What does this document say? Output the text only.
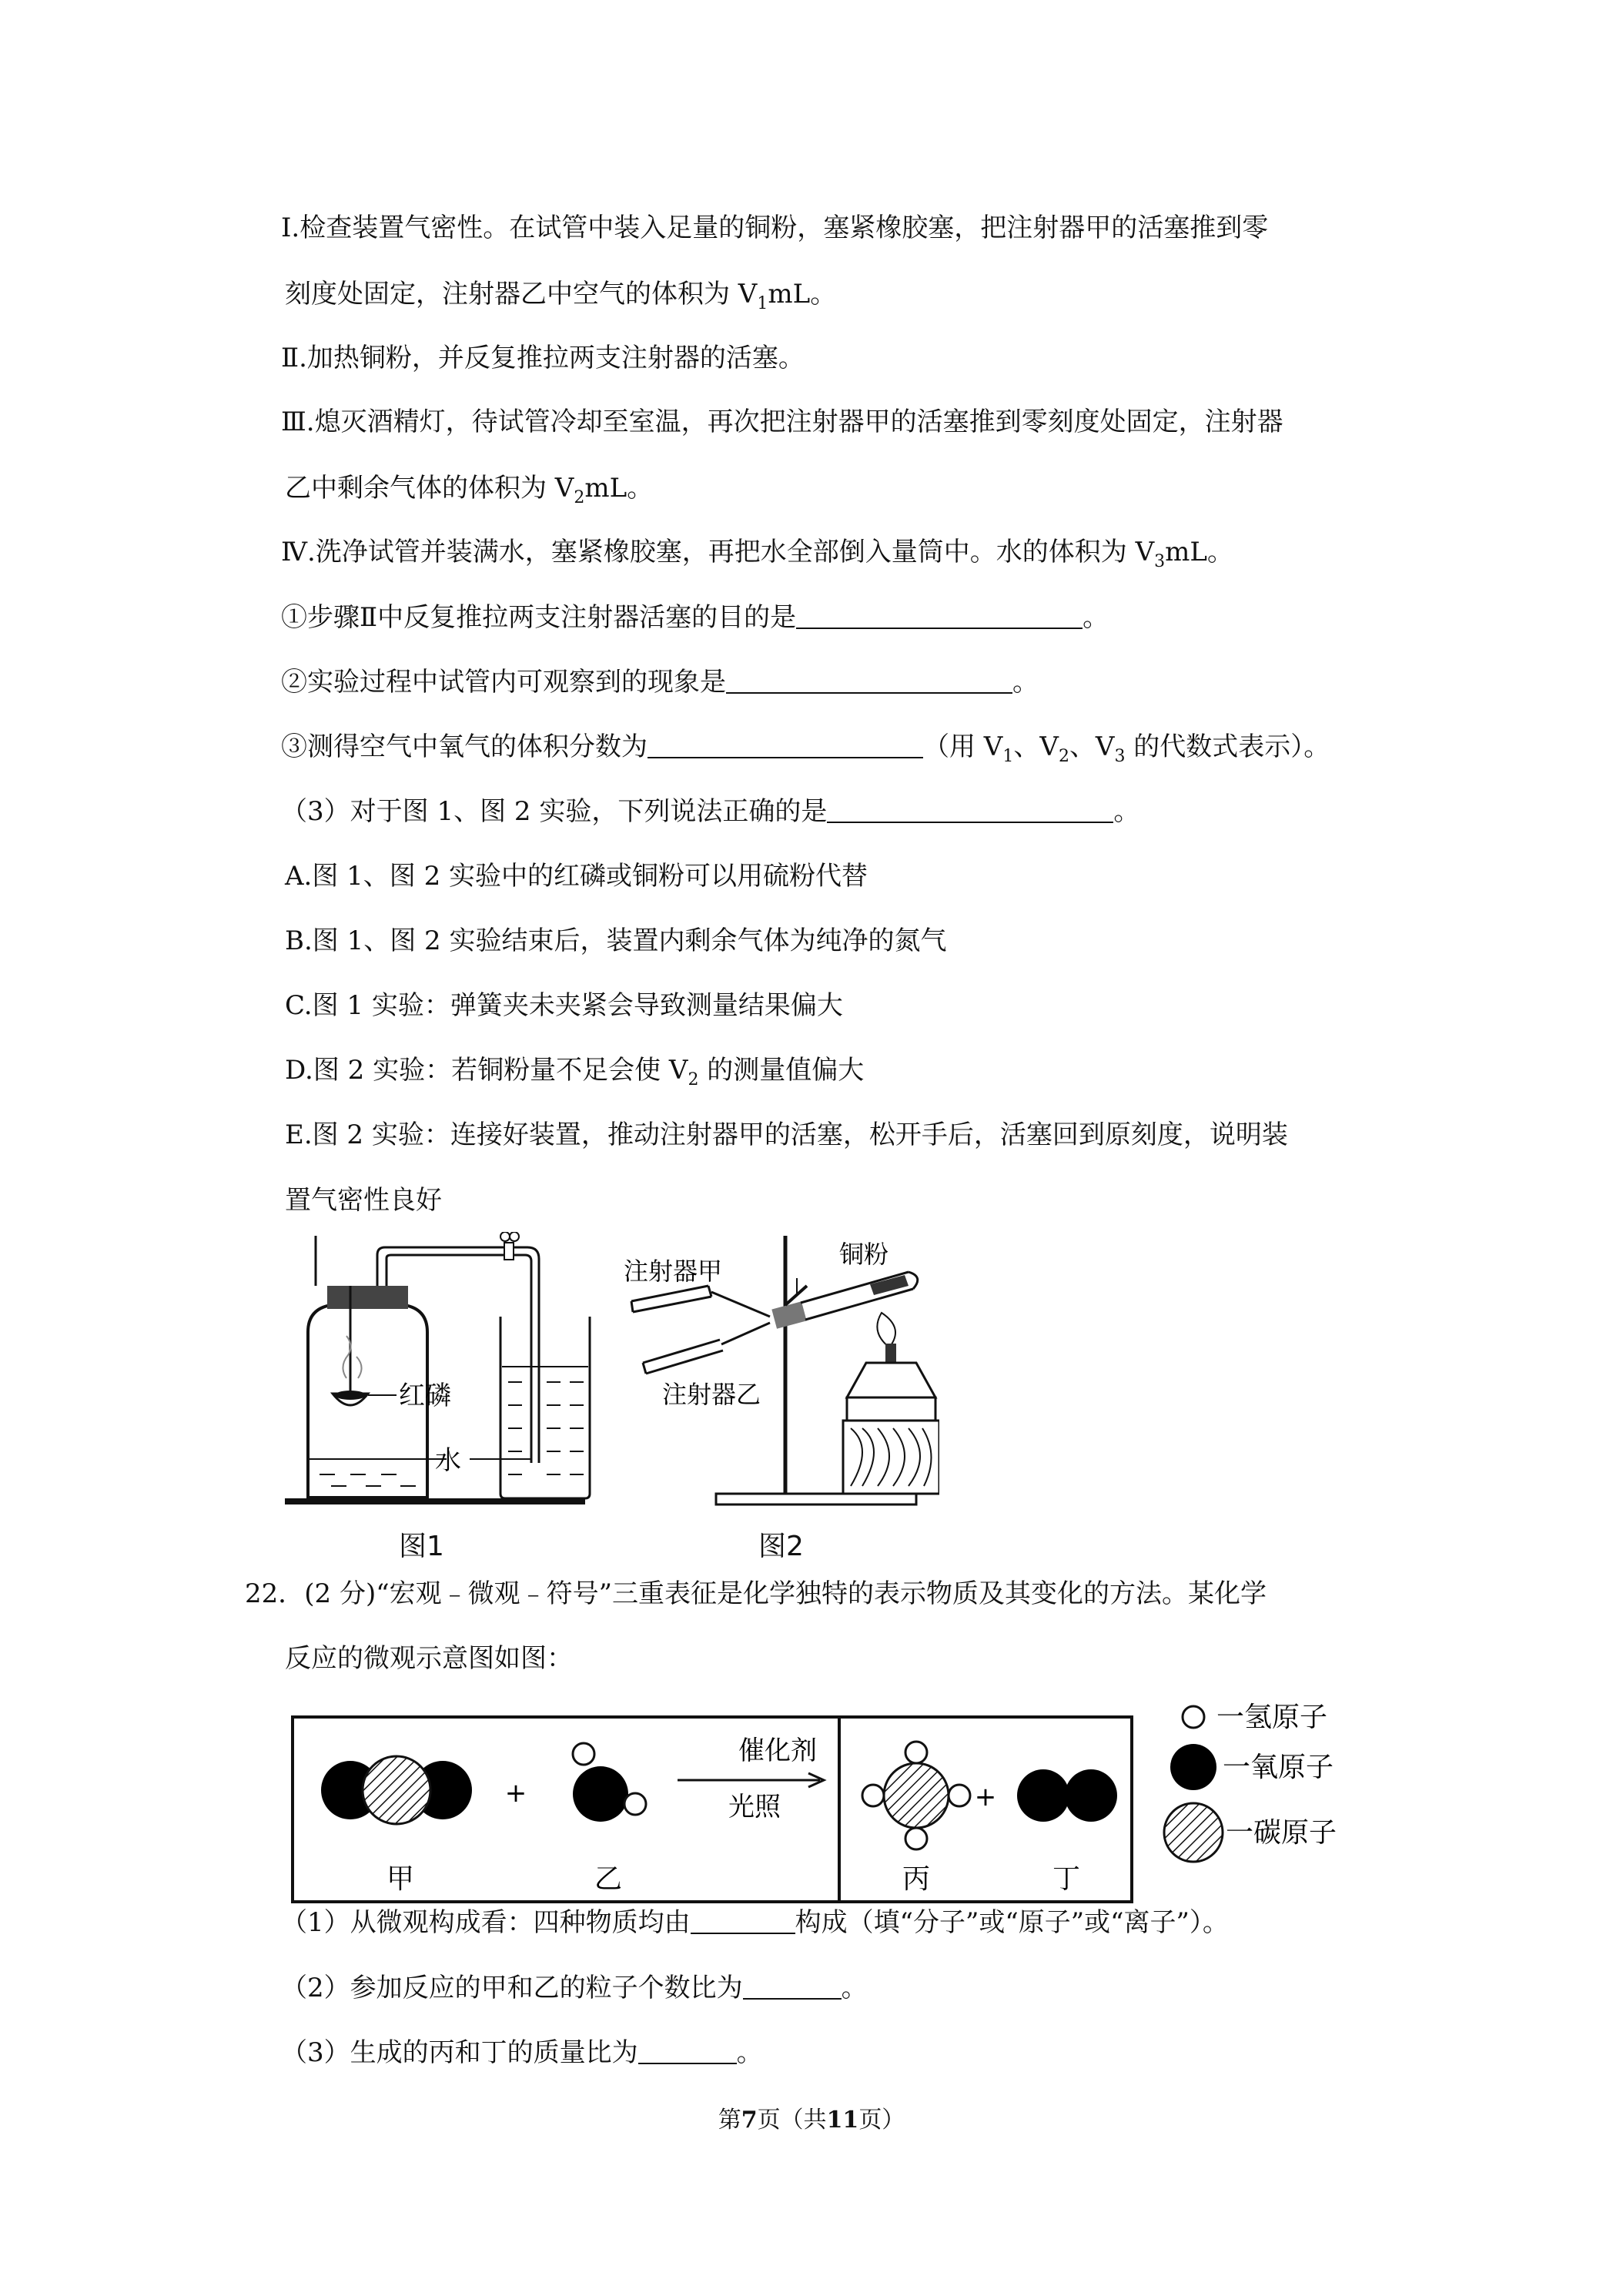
Ⅰ.检查装置气密性。在试管中装入足量的铜粉，塞紧橡胶塞，把注射器甲的活塞推到零
刻度处固定，注射器乙中空气的体积为 $V_1mL$。
Ⅱ.加热铜粉，并反复推拉两支注射器的活塞。
Ⅲ.熄灭酒精灯，待试管冷却至室温，再次把注射器甲的活塞推到零刻度处固定，注射器
乙中剩余气体的体积为 $V_2mL$。
Ⅳ.洗净试管并装满水，塞紧橡胶塞，再把水全部倒入量筒中。水的体积为 $V_3mL$。
①步骤Ⅱ中反复推拉两支注射器活塞的目的是	。
②实验过程中试管内可观察到的现象是	。
③测得空气中氧气的体积分数为	（用 $V_1$、$V_2$、$V_3$ 的代数式表示）。
（3）对于图 1、图 2 实验，下列说法正确的是	。
A.图 1、图 2 实验中的红磷或铜粉可以用硫粉代替
B.图 1、图 2 实验结束后，装置内剩余气体为纯净的氮气
C.图 1 实验：弹簧夹未夹紧会导致测量结果偏大
D.图 2 实验：若铜粉量不足会使 $V_2$ 的测量值偏大
E.图 2 实验：连接好装置，推动注射器甲的活塞，松开手后，活塞回到原刻度，说明装
置气密性良好
红磷
水
图1
注射器甲
注射器乙
铜粉
图2
22．(2 分)“宏观﹣微观﹣符号”三重表征是化学独特的表示物质及其变化的方法。某化学
反应的微观示意图如图：
+
甲	乙
催化剂
光照	+
丙	丁
一氢原子
一氧原子
一碳原子
（1）从微观构成看：四种物质均由	构成（填“分子”或“原子”或“离子”）。
（2）参加反应的甲和乙的粒子个数比为	。
（3）生成的丙和丁的质量比为	。
第7页（共11页）
